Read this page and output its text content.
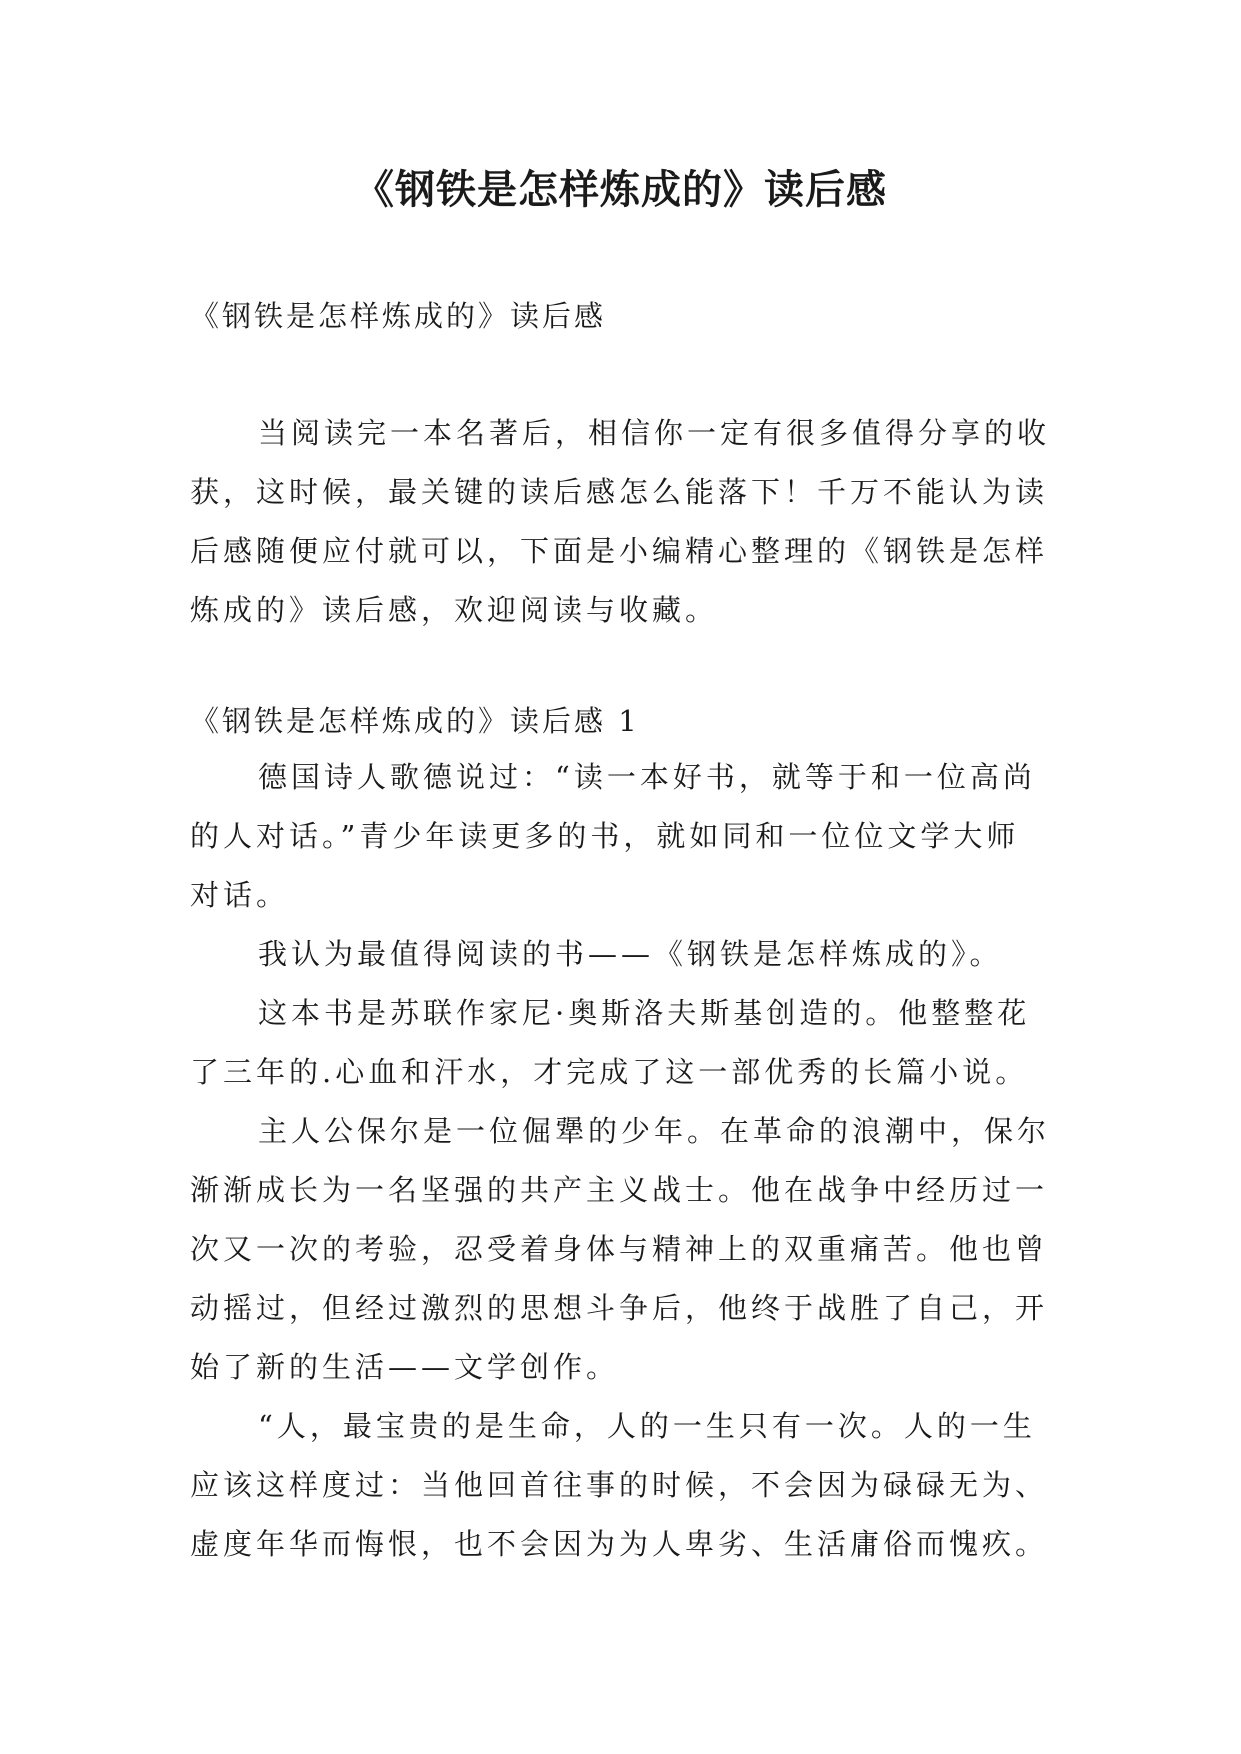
《钢铁是怎样炼成的》读后感

《钢铁是怎样炼成的》读后感

当阅读完一本名著后，相信你一定有很多值得分享的收获，这时候，最关键的读后感怎么能落下！千万不能认为读后感随便应付就可以，下面是小编精心整理的《钢铁是怎样炼成的》读后感，欢迎阅读与收藏。

《钢铁是怎样炼成的》读后感 1

德国诗人歌德说过：“读一本好书，就等于和一位高尚的人对话。”青少年读更多的书，就如同和一位位文学大师对话。

我认为最值得阅读的书——《钢铁是怎样炼成的》。

这本书是苏联作家尼·奥斯洛夫斯基创造的。他整整花了三年的.心血和汗水，才完成了这一部优秀的长篇小说。

主人公保尔是一位倔犟的少年。在革命的浪潮中，保尔渐渐成长为一名坚强的共产主义战士。他在战争中经历过一次又一次的考验，忍受着身体与精神上的双重痛苦。他也曾动摇过，但经过激烈的思想斗争后，他终于战胜了自己，开始了新的生活——文学创作。

“人，最宝贵的是生命，人的一生只有一次。人的一生应该这样度过：当他回首往事的时候，不会因为碌碌无为、虚度年华而悔恨，也不会因为为人卑劣、生活庸俗而愧疚。
